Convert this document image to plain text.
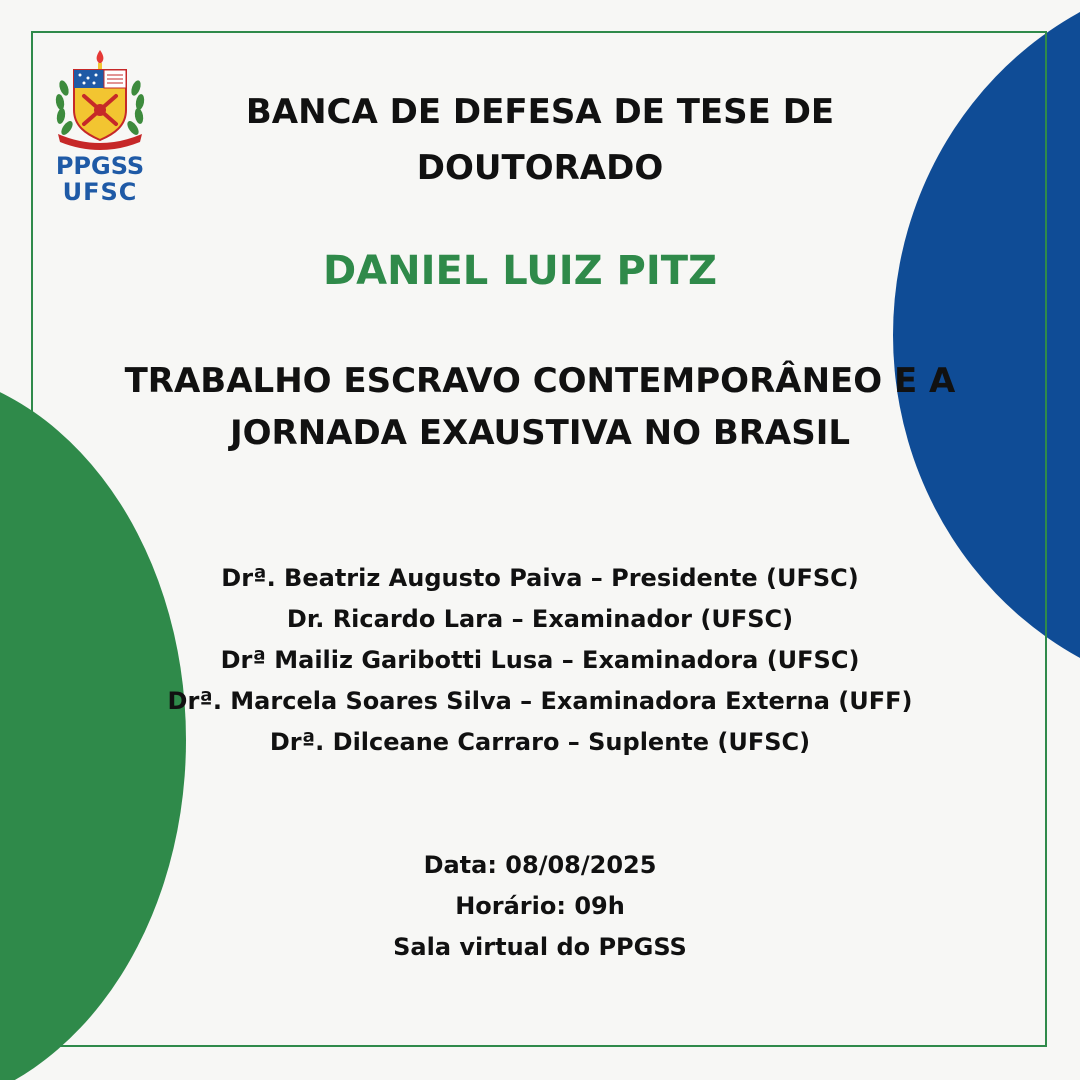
PPGSS
UFSC
BANCA DE DEFESA DE TESE DE DOUTORADO
DANIEL LUIZ PITZ
TRABALHO ESCRAVO CONTEMPORÂNEO E A JORNADA EXAUSTIVA NO BRASIL
Drª. Beatriz Augusto Paiva – Presidente (UFSC)
Dr. Ricardo Lara – Examinador (UFSC)
Drª Mailiz Garibotti Lusa – Examinadora (UFSC)
Drª. Marcela Soares Silva – Examinadora Externa (UFF)
Drª. Dilceane Carraro – Suplente (UFSC)
Data: 08/08/2025
Horário: 09h
Sala virtual do PPGSS
